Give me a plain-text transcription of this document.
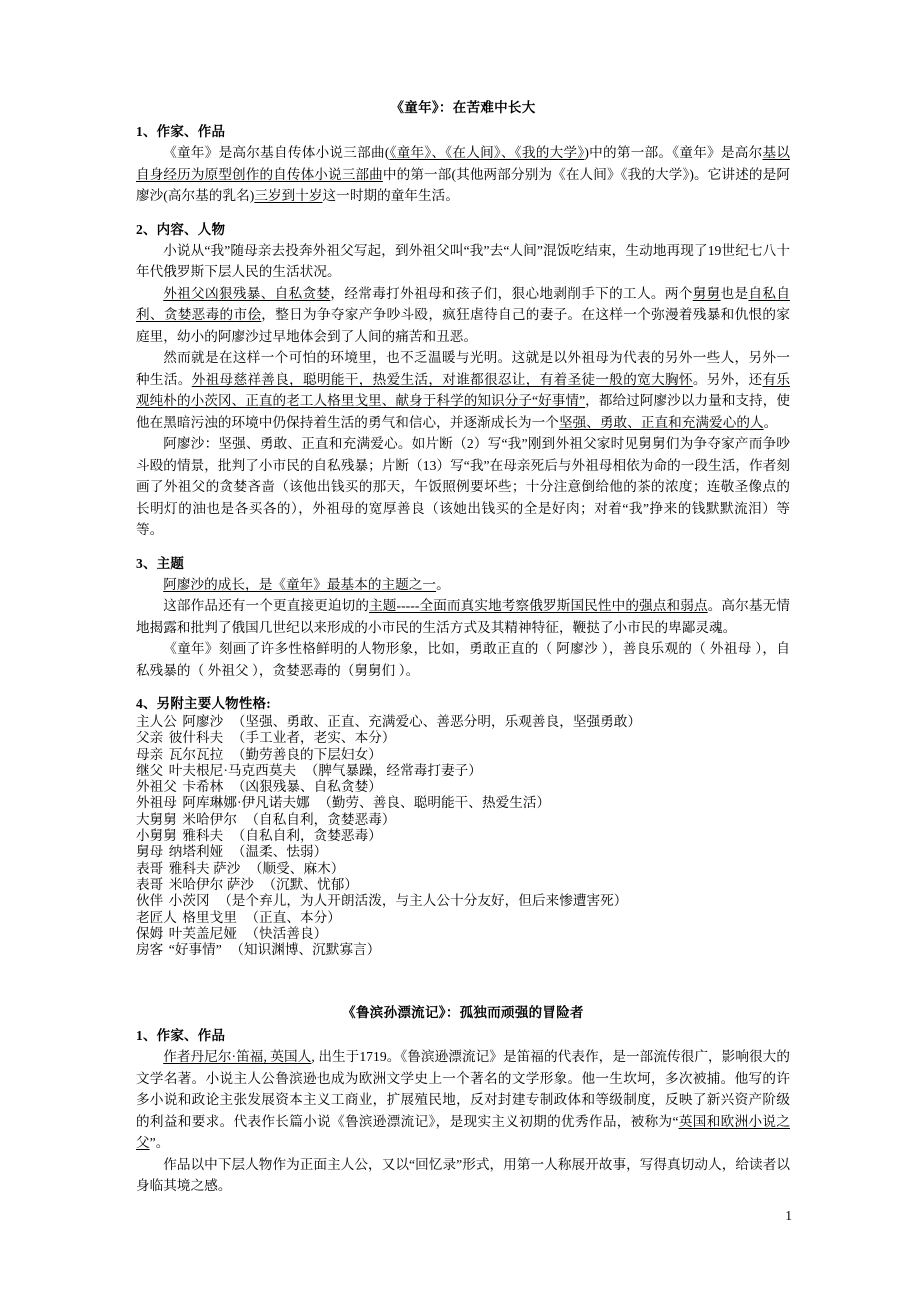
《童年》：在苦难中长大
1、作家、作品

《童年》是高尔基自传体小说三部曲(《童年》、《在人间》、《我的大学》)中的第一部。《童年》是高尔基以自身经历为原型创作的自传体小说三部曲中的第一部(其他两部分别为《在人间》《我的大学》)。它讲述的是阿廖沙(高尔基的乳名)三岁到十岁这一时期的童年生活。

2、内容、人物

小说从“我”随母亲去投奔外祖父写起，到外祖父叫“我”去“人间”混饭吃结束，生动地再现了19世纪七八十年代俄罗斯下层人民的生活状况。

外祖父凶狠残暴、自私贪婪，经常毒打外祖母和孩子们，狠心地剥削手下的工人。两个舅舅也是自私自利、贪婪恶毒的市侩，整日为争夺家产争吵斗殴，疯狂虐待自己的妻子。在这样一个弥漫着残暴和仇恨的家庭里，幼小的阿廖沙过早地体会到了人间的痛苦和丑恶。

然而就是在这样一个可怕的环境里，也不乏温暖与光明。这就是以外祖母为代表的另外一些人，另外一种生活。外祖母慈祥善良，聪明能干，热爱生活，对谁都很忍让，有着圣徒一般的宽大胸怀。另外，还有乐观纯朴的小茨冈、正直的老工人格里戈里、献身于科学的知识分子“好事情”，都给过阿廖沙以力量和支持，使他在黑暗污浊的环境中仍保持着生活的勇气和信心，并逐渐成长为一个坚强、勇敢、正直和充满爱心的人。

阿廖沙：坚强、勇敢、正直和充满爱心。如片断（2）写“我”刚到外祖父家时见舅舅们为争夺家产而争吵斗殴的情景，批判了小市民的自私残暴；片断（13）写“我”在母亲死后与外祖母相依为命的一段生活，作者刻画了外祖父的贪婪吝啬（该他出钱买的那天，午饭照例要坏些；十分注意倒给他的茶的浓度；连敬圣像点的长明灯的油也是各买各的），外祖母的宽厚善良（该她出钱买的全是好肉；对着“我”挣来的钱默默流泪）等等。

3、主题

阿廖沙的成长，是《童年》最基本的主题之一。

这部作品还有一个更直接更迫切的主题-----全面而真实地考察俄罗斯国民性中的强点和弱点。高尔基无情地揭露和批判了俄国几世纪以来形成的小市民的生活方式及其精神特征，鞭挞了小市民的卑鄙灵魂。

《童年》刻画了许多性格鲜明的人物形象，比如，勇敢正直的（ 阿廖沙 ），善良乐观的（ 外祖母 ），自私残暴的（ 外祖父 ），贪婪恶毒的（舅舅们 ）。

4、另附主要人物性格:
主人公 阿廖沙 （坚强、勇敢、正直、充满爱心、善恶分明，乐观善良，坚强勇敢）
父亲 彼什科夫 （手工业者，老实、本分）
母亲 瓦尔瓦拉 （勤劳善良的下层妇女）
继父 叶夫根尼·马克西莫夫 （脾气暴躁，经常毒打妻子）
外祖父 卡希林 （凶狠残暴、自私贪婪）
外祖母 阿库琳娜·伊凡诺夫娜 （勤劳、善良、聪明能干、热爱生活）
大舅舅 米哈伊尔 （自私自利，贪婪恶毒）
小舅舅 雅科夫 （自私自利，贪婪恶毒）
舅母 纳塔利娅 （温柔、怯弱）
表哥 雅科夫 萨沙 （顺受、麻木）
表哥 米哈伊尔 萨沙 （沉默、忧郁）
伙伴 小茨冈 （是个弃儿，为人开朗活泼，与主人公十分友好，但后来惨遭害死）
老匠人 格里戈里 （正直、本分）
保姆 叶芙盖尼娅 （快活善良）
房客 “好事情” （知识渊博、沉默寡言）
《鲁滨孙漂流记》：孤独而顽强的冒险者
1、作家、作品

作者丹尼尔·笛福, 英国人, 出生于1719。《鲁滨逊漂流记》是笛福的代表作，是一部流传很广，影响很大的文学名著。小说主人公鲁滨逊也成为欧洲文学史上一个著名的文学形象。他一生坎坷，多次被捕。他写的许多小说和政论主张发展资本主义工商业，扩展殖民地，反对封建专制政体和等级制度，反映了新兴资产阶级的利益和要求。代表作长篇小说《鲁滨逊漂流记》，是现实主义初期的优秀作品，被称为“英国和欧洲小说之父”。

作品以中下层人物作为正面主人公，又以“回忆录”形式，用第一人称展开故事，写得真切动人，给读者以身临其境之感。

1
